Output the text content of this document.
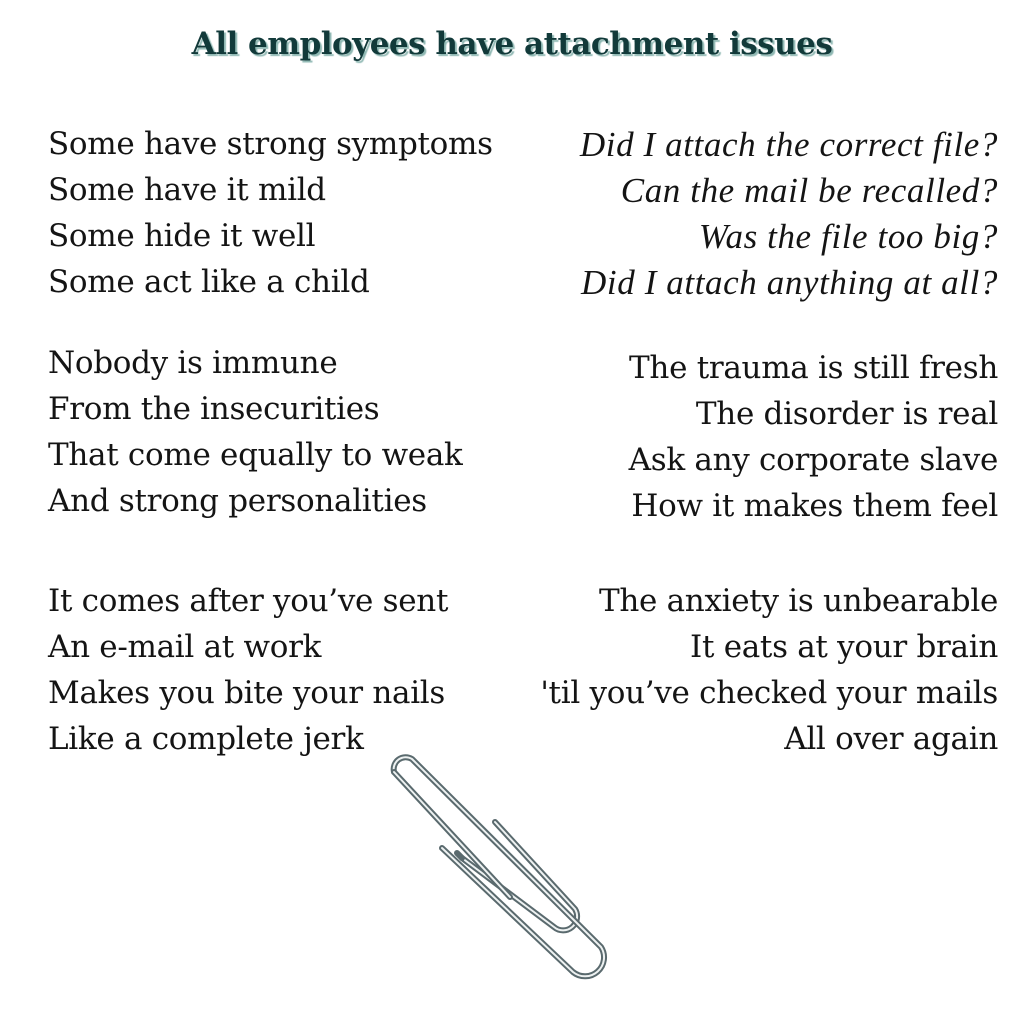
All employees have attachment issues
Some have strong symptoms
Some have it mild
Some hide it well
Some act like a child
Did I attach the correct file?
Can the mail be recalled?
Was the file too big?
Did I attach anything at all?
Nobody is immune
From the insecurities
That come equally to weak
And strong personalities
The trauma is still fresh
The disorder is real
Ask any corporate slave
How it makes them feel
It comes after you’ve sent
An e-mail at work
Makes you bite your nails
Like a complete jerk
The anxiety is unbearable
It eats at your brain
'til you’ve checked your mails
All over again
